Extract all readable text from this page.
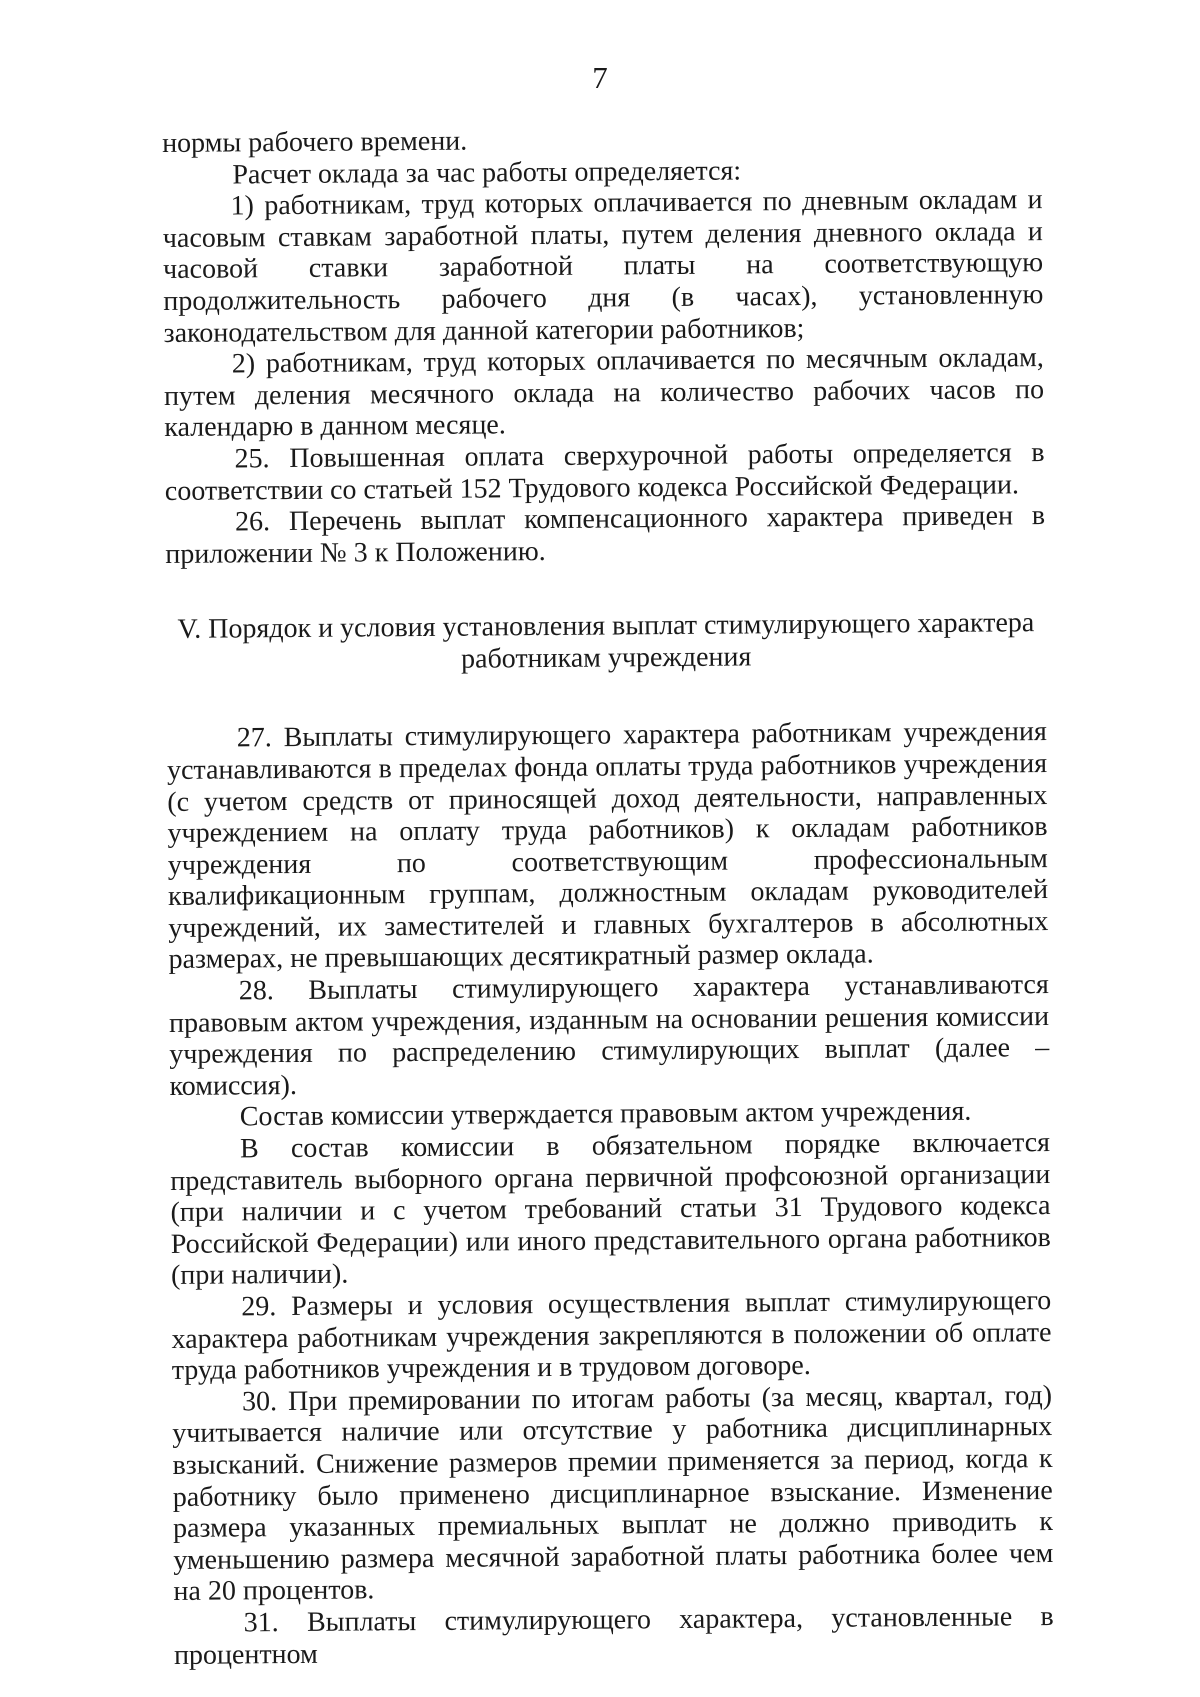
7

нормы рабочего времени.

Расчет оклада за час работы определяется:

1) работникам, труд которых оплачивается по дневным окладам и часовым ставкам заработной платы, путем деления дневного оклада и часовой ставки заработной платы на соответствующую продолжительность рабочего дня (в часах), установленную законодательством для данной категории работников;

2) работникам, труд которых оплачивается по месячным окладам, путем деления месячного оклада на количество рабочих часов по календарю в данном месяце.

25. Повышенная оплата сверхурочной работы определяется в соответствии со статьей 152 Трудового кодекса Российской Федерации.

26. Перечень выплат компенсационного характера приведен в приложении № 3 к Положению.

V. Порядок и условия установления выплат стимулирующего характера
работникам учреждения

27. Выплаты стимулирующего характера работникам учреждения устанавливаются в пределах фонда оплаты труда работников учреждения (с учетом средств от приносящей доход деятельности, направленных учреждением на оплату труда работников) к окладам работников учреждения по соответствующим профессиональным квалификационным группам, должностным окладам руководителей учреждений, их заместителей и главных бухгалтеров в абсолютных размерах, не превышающих десятикратный размер оклада.

28. Выплаты стимулирующего характера устанавливаются правовым актом учреждения, изданным на основании решения комиссии учреждения по распределению стимулирующих выплат (далее – комиссия).

Состав комиссии утверждается правовым актом учреждения.

В состав комиссии в обязательном порядке включается представитель выборного органа первичной профсоюзной организации (при наличии и с учетом требований статьи 31 Трудового кодекса Российской Федерации) или иного представительного органа работников (при наличии).

29. Размеры и условия осуществления выплат стимулирующего характера работникам учреждения закрепляются в положении об оплате труда работников учреждения и в трудовом договоре.

30. При премировании по итогам работы (за месяц, квартал, год) учитывается наличие или отсутствие у работника дисциплинарных взысканий. Снижение размеров премии применяется за период, когда к работнику было применено дисциплинарное взыскание. Изменение размера указанных премиальных выплат не должно приводить к уменьшению размера месячной заработной платы работника более чем на 20 процентов.

31. Выплаты стимулирующего характера, установленные в процентном
